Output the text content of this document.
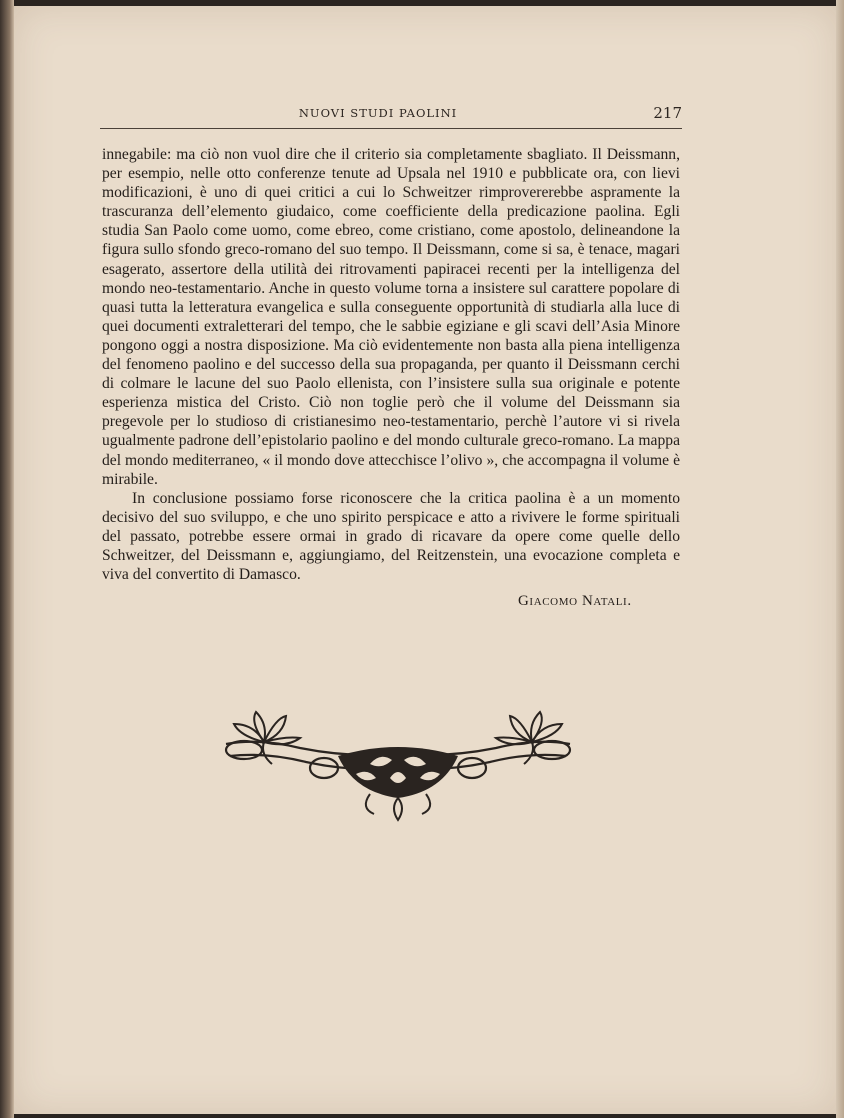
NUOVI STUDI PAOLINI	217

innegabile: ma ciò non vuol dire che il criterio sia completamente sbagliato. Il Deissmann, per esempio, nelle otto conferenze tenute ad Upsala nel 1910 e pubblicate ora, con lievi modificazioni, è uno di quei critici a cui lo Schweitzer rimprovererebbe aspramente la trascuranza dell’elemento giudaico, come coefficiente della predicazione paolina. Egli studia San Paolo come uomo, come ebreo, come cristiano, come apostolo, delineandone la figura sullo sfondo greco-romano del suo tempo. Il Deissmann, come si sa, è tenace, magari esagerato, assertore della utilità dei ritrovamenti papiracei recenti per la intelligenza del mondo neo-testamentario. Anche in questo volume torna a insistere sul carattere popolare di quasi tutta la letteratura evangelica e sulla conseguente opportunità di studiarla alla luce di quei documenti extraletterari del tempo, che le sabbie egiziane e gli scavi dell’Asia Minore pongono oggi a nostra disposizione. Ma ciò evidentemente non basta alla piena intelligenza del fenomeno paolino e del successo della sua propaganda, per quanto il Deissmann cerchi di colmare le lacune del suo Paolo ellenista, con l’insistere sulla sua originale e potente esperienza mistica del Cristo. Ciò non toglie però che il volume del Deissmann sia pregevole per lo studioso di cristianesimo neo-testamentario, perchè l’autore vi si rivela ugualmente padrone dell’epistolario paolino e del mondo culturale greco-romano. La mappa del mondo mediterraneo, « il mondo dove attecchisce l’olivo », che accompagna il volume è mirabile.

In conclusione possiamo forse riconoscere che la critica paolina è a un momento decisivo del suo sviluppo, e che uno spirito perspicace e atto a rivivere le forme spirituali del passato, potrebbe essere ormai in grado di ricavare da opere come quelle dello Schweitzer, del Deissmann e, aggiungiamo, del Reitzenstein, una evocazione completa e viva del convertito di Damasco.

Giacomo Natali.
